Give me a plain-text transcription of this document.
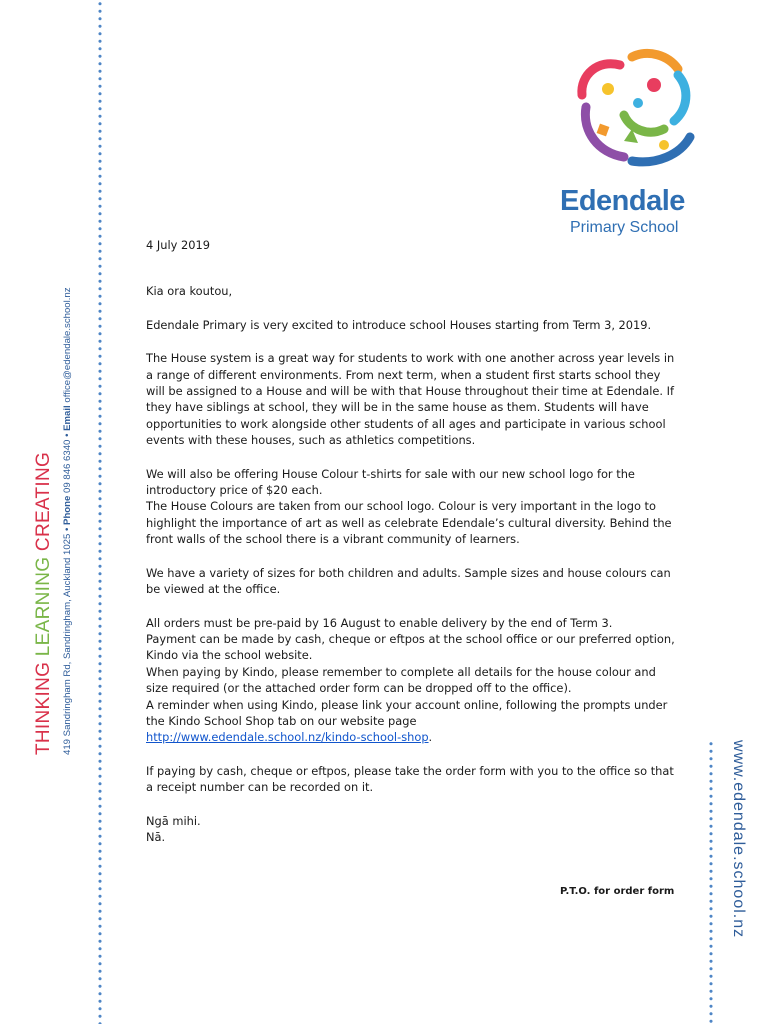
THINKING LEARNING CREATING
419 Sandringham Rd, Sandringham, Auckland 1025 • Phone 09 846 6340 • Email office@edendale.school.nz
www.edendale.school.nz
Edendale
Primary School

4 July 2019

Kia ora koutou,

Edendale Primary is very excited to introduce school Houses starting from Term 3, 2019.

The House system is a great way for students to work with one another across year levels in a range of different environments. From next term, when a student first starts school they will be assigned to a House and will be with that House throughout their time at Edendale. If they have siblings at school, they will be in the same house as them. Students will have opportunities to work alongside other students of all ages and participate in various school events with these houses, such as athletics competitions.

We will also be offering House Colour t-shirts for sale with our new school logo for the introductory price of $20 each.

The House Colours are taken from our school logo. Colour is very important in the logo to highlight the importance of art as well as celebrate Edendale’s cultural diversity. Behind the front walls of the school there is a vibrant community of learners.

We have a variety of sizes for both children and adults. Sample sizes and house colours can be viewed at the office.

All orders must be pre-paid by 16 August to enable delivery by the end of Term 3.

Payment can be made by cash, cheque or eftpos at the school office or our preferred option, Kindo via the school website.

When paying by Kindo, please remember to complete all details for the house colour and size required (or the attached order form can be dropped off to the office).

A reminder when using Kindo, please link your account online, following the prompts under the Kindo School Shop tab on our website page

http://www.edendale.school.nz/kindo-school-shop.

If paying by cash, cheque or eftpos, please take the order form with you to the office so that a receipt number can be recorded on it.

Ngā mihi.

Nā.

P.T.O. for order form
